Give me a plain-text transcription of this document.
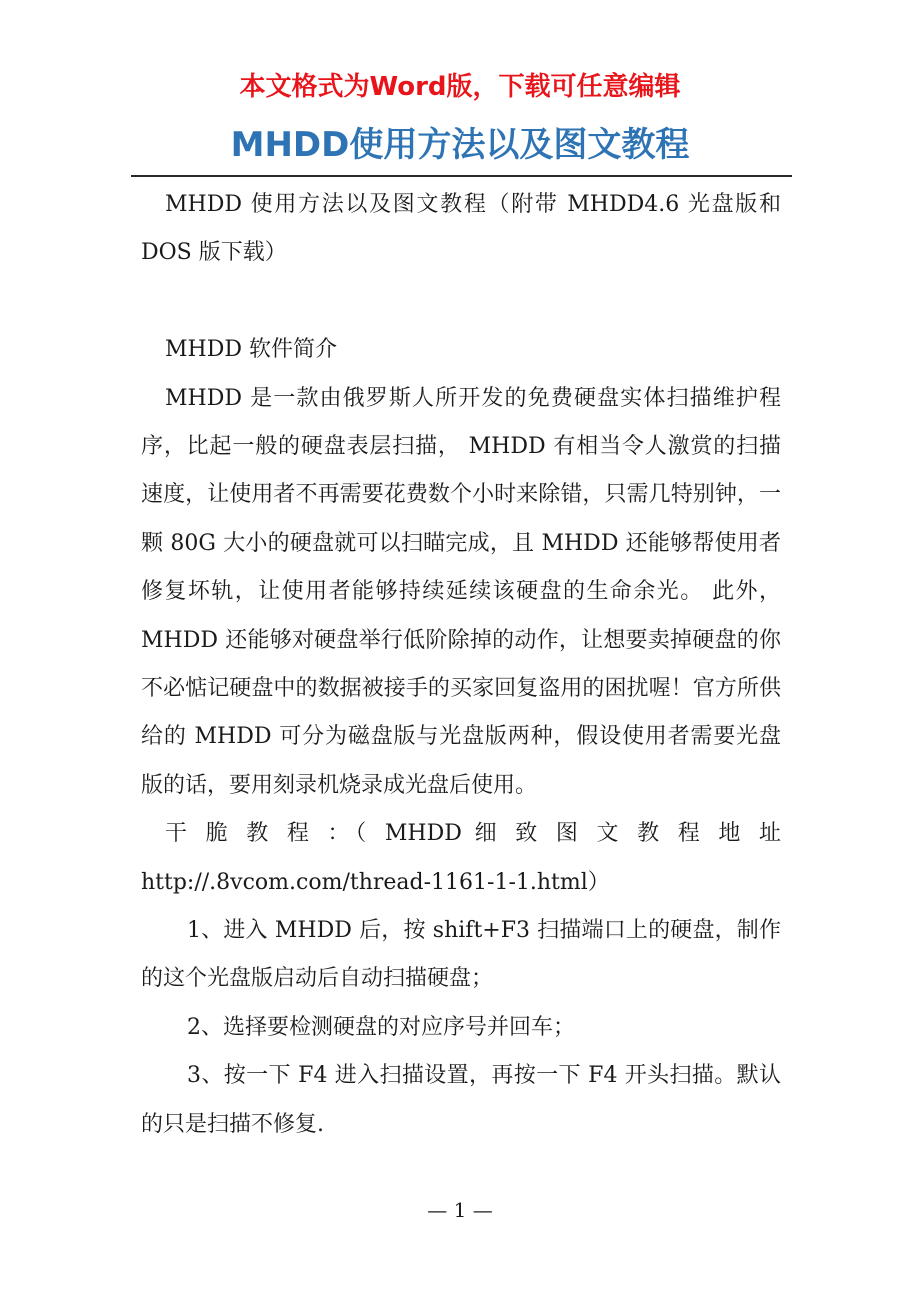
本文格式为Word版，下载可任意编辑
MHDD使用方法以及图文教程

MHDD 使用方法以及图文教程（附带 MHDD4.6 光盘版和 DOS 版下载）

MHDD 软件简介

MHDD 是一款由俄罗斯人所开发的免费硬盘实体扫描维护程序，比起一般的硬盘表层扫描， MHDD 有相当令人激赏的扫描速度，让使用者不再需要花费数个小时来除错，只需几特别钟，一颗 80G 大小的硬盘就可以扫瞄完成，且 MHDD 还能够帮使用者修复坏轨，让使用者能够持续延续该硬盘的生命余光。 此外， MHDD 还能够对硬盘举行低阶除掉的动作，让想要卖掉硬盘的你不必惦记硬盘中的数据被接手的买家回复盗用的困扰喔！官方所供给的 MHDD 可分为磁盘版与光盘版两种，假设使用者需要光盘版的话，要用刻录机烧录成光盘后使用。

干 脆 教 程 ：（ MHDD 细 致 图 文 教 程 地 址 http://.8vcom.com/thread-1161-1-1.html）

1、进入 MHDD 后，按 shift+F3 扫描端口上的硬盘，制作的这个光盘版启动后自动扫描硬盘；

2、选择要检测硬盘的对应序号并回车；

3、按一下 F4 进入扫描设置，再按一下 F4 开头扫描。默认的只是扫描不修复.

— 1 —
